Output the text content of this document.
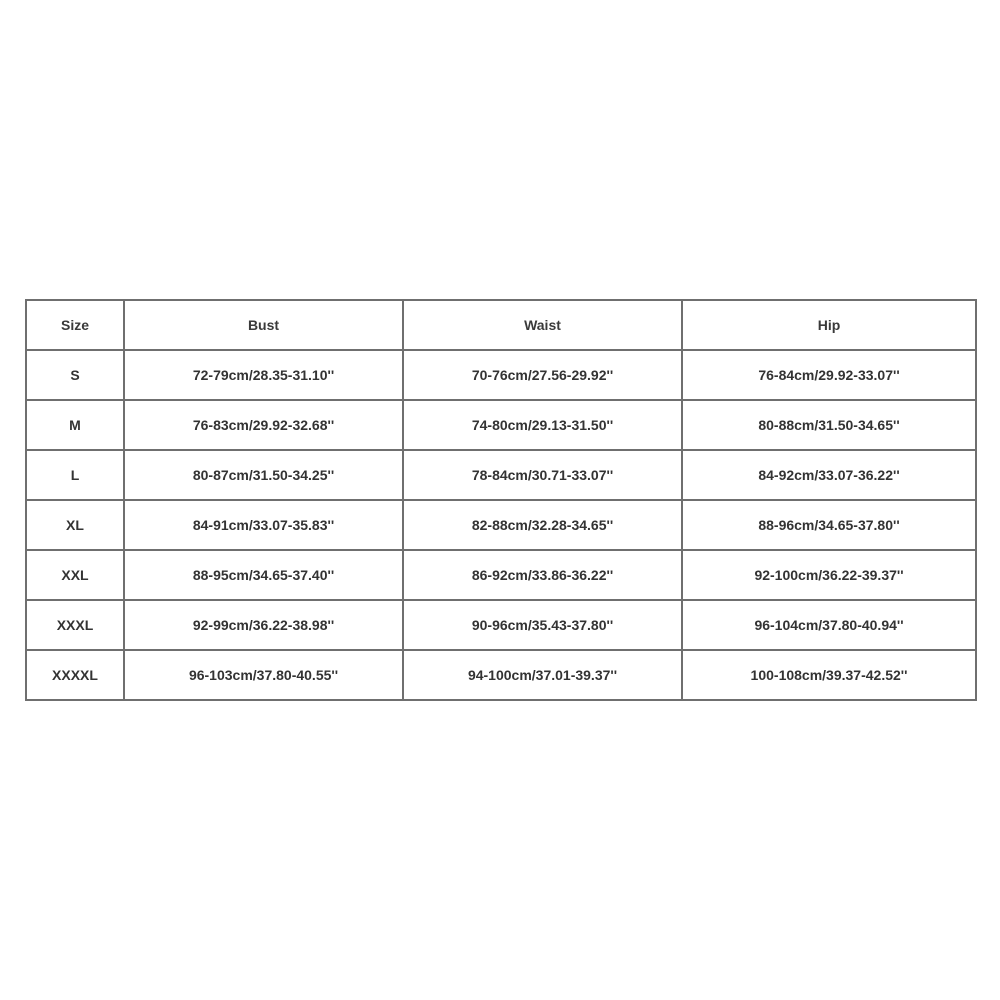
Size	Bust	Waist	Hip
S	72-79cm/28.35-31.10''	70-76cm/27.56-29.92''	76-84cm/29.92-33.07''
M	76-83cm/29.92-32.68''	74-80cm/29.13-31.50''	80-88cm/31.50-34.65''
L	80-87cm/31.50-34.25''	78-84cm/30.71-33.07''	84-92cm/33.07-36.22''
XL	84-91cm/33.07-35.83''	82-88cm/32.28-34.65''	88-96cm/34.65-37.80''
XXL	88-95cm/34.65-37.40''	86-92cm/33.86-36.22''	92-100cm/36.22-39.37''
XXXL	92-99cm/36.22-38.98''	90-96cm/35.43-37.80''	96-104cm/37.80-40.94''
XXXXL	96-103cm/37.80-40.55''	94-100cm/37.01-39.37''	100-108cm/39.37-42.52''
